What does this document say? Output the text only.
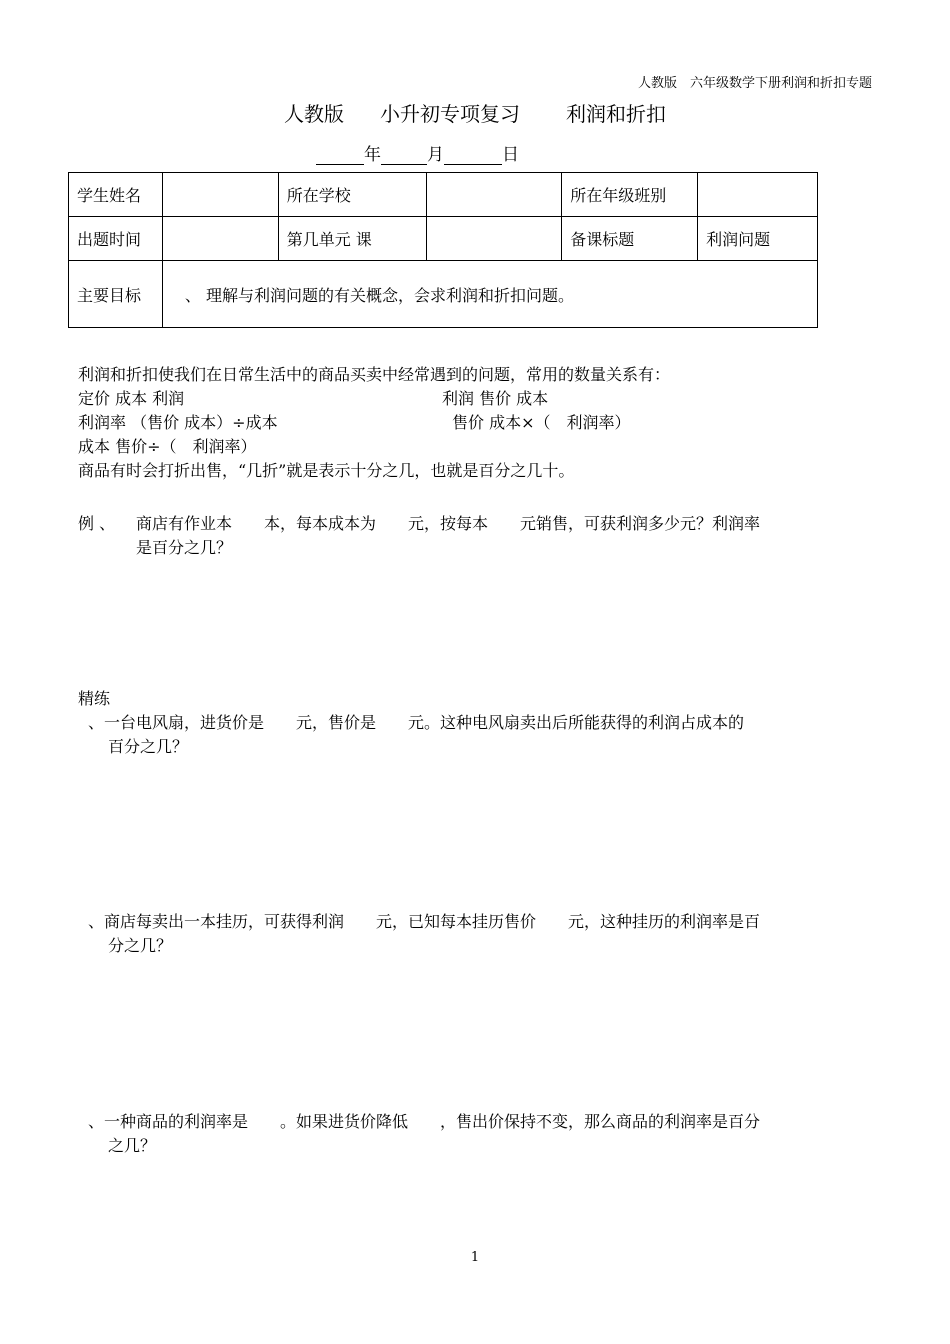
人教版　六年级数学下册利润和折扣专题
人教版 小升初专项复习 利润和折扣
年	月	日
学生姓名		所在学校		所在年级班别	
出题时间		第几单元 课		备课标题	利润问题
主要目标	、 理解与利润问题的有关概念，会求利润和折扣问题。				
利润和折扣使我们在日常生活中的商品买卖中经常遇到的问题，常用的数量关系有：
定价 成本 利润	利润 售价 成本
利润率 （售价 成本）÷成本	售价 成本×（　利润率）
成本 售价÷（　利润率）
商品有时会打折出售，“几折”就是表示十分之几，也就是百分之几十。
例 、 商店有作业本　　本，每本成本为　　元，按每本　　元销售，可获利润多少元？利润率
是百分之几？
精练
、一台电风扇，进货价是　　元，售价是　　元。这种电风扇卖出后所能获得的利润占成本的
百分之几？
、商店每卖出一本挂历，可获得利润　　元，已知每本挂历售价　　元，这种挂历的利润率是百
分之几？
、一种商品的利润率是　　。如果进货价降低　　，售出价保持不变，那么商品的利润率是百分
之几？
1
